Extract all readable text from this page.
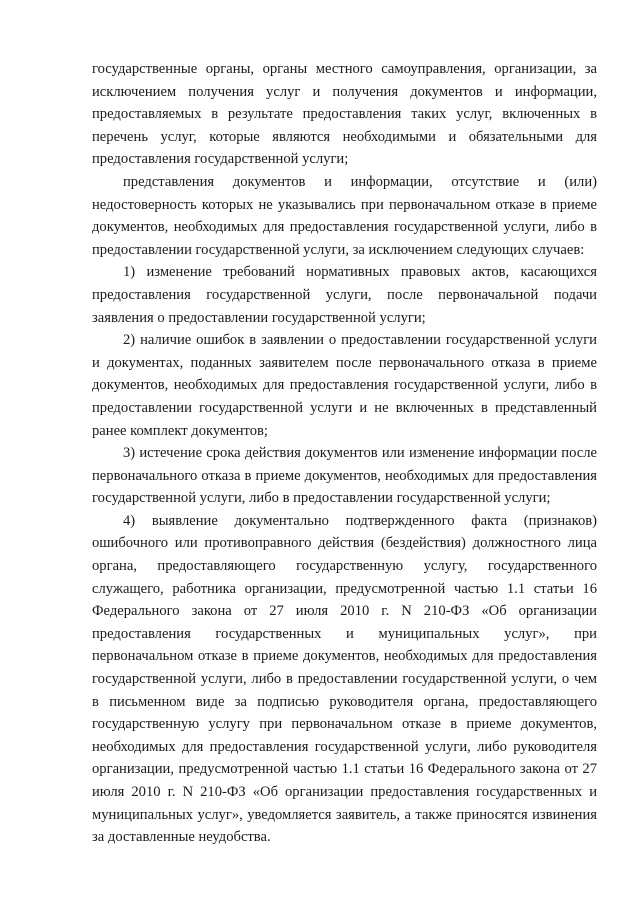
государственные органы, органы местного самоуправления, организации, за исключением получения услуг и получения документов и информации, предоставляемых в результате предоставления таких услуг, включенных в перечень услуг, которые являются необходимыми и обязательными для предоставления государственной услуги;

представления документов и информации, отсутствие и (или) недостоверность которых не указывались при первоначальном отказе в приеме документов, необходимых для предоставления государственной услуги, либо в предоставлении государственной услуги, за исключением следующих случаев:

1) изменение требований нормативных правовых актов, касающихся предоставления государственной услуги, после первоначальной подачи заявления о предоставлении государственной услуги;

2) наличие ошибок в заявлении о предоставлении государственной услуги и документах, поданных заявителем после первоначального отказа в приеме документов, необходимых для предоставления государственной услуги, либо в предоставлении государственной услуги и не включенных в представленный ранее комплект документов;

3) истечение срока действия документов или изменение информации после первоначального отказа в приеме документов, необходимых для предоставления государственной услуги, либо в предоставлении государственной услуги;

4) выявление документально подтвержденного факта (признаков) ошибочного или противоправного действия (бездействия) должностного лица органа, предоставляющего государственную услугу, государственного служащего, работника организации, предусмотренной частью 1.1 статьи 16 Федерального закона от 27 июля 2010 г. N 210-ФЗ «Об организации предоставления государственных и муниципальных услуг», при первоначальном отказе в приеме документов, необходимых для предоставления государственной услуги, либо в предоставлении государственной услуги, о чем в письменном виде за подписью руководителя органа, предоставляющего государственную услугу при первоначальном отказе в приеме документов, необходимых для предоставления государственной услуги, либо руководителя организации, предусмотренной частью 1.1 статьи 16 Федерального закона от 27 июля 2010 г. N 210-ФЗ «Об организации предоставления государственных и муниципальных услуг», уведомляется заявитель, а также приносятся извинения за доставленные неудобства.
